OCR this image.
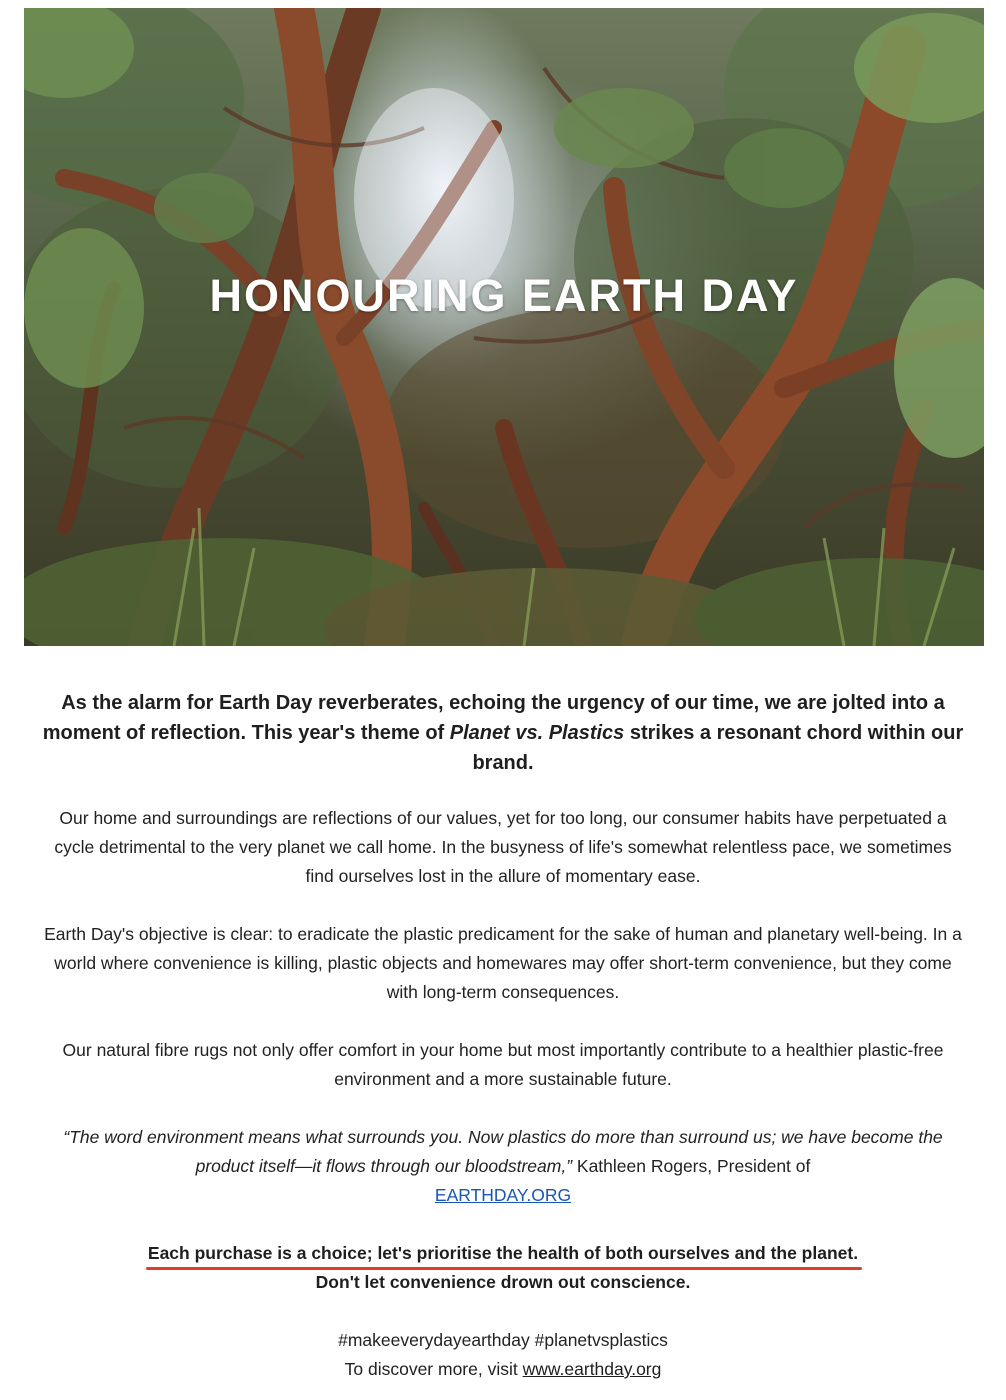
HONOURING EARTH DAY

As the alarm for Earth Day reverberates, echoing the urgency of our time, we are jolted into a moment of reflection. This year's theme of Planet vs. Plastics strikes a resonant chord within our brand.

Our home and surroundings are reflections of our values, yet for too long, our consumer habits have perpetuated a cycle detrimental to the very planet we call home. In the busyness of life's somewhat relentless pace, we sometimes find ourselves lost in the allure of momentary ease.

Earth Day's objective is clear: to eradicate the plastic predicament for the sake of human and planetary well-being. In a world where convenience is killing, plastic objects and homewares may offer short-term convenience, but they come with long-term consequences.

Our natural fibre rugs not only offer comfort in your home but most importantly contribute to a healthier plastic-free environment and a more sustainable future.

“The word environment means what surrounds you. Now plastics do more than surround us; we have become the product itself—it flows through our bloodstream,” Kathleen Rogers, President of
EARTHDAY.ORG

Each purchase is a choice; let's prioritise the health of both ourselves and the planet.
Don't let convenience drown out conscience.

#makeeverydayearthday #planetvsplastics

To discover more, visit www.earthday.org
